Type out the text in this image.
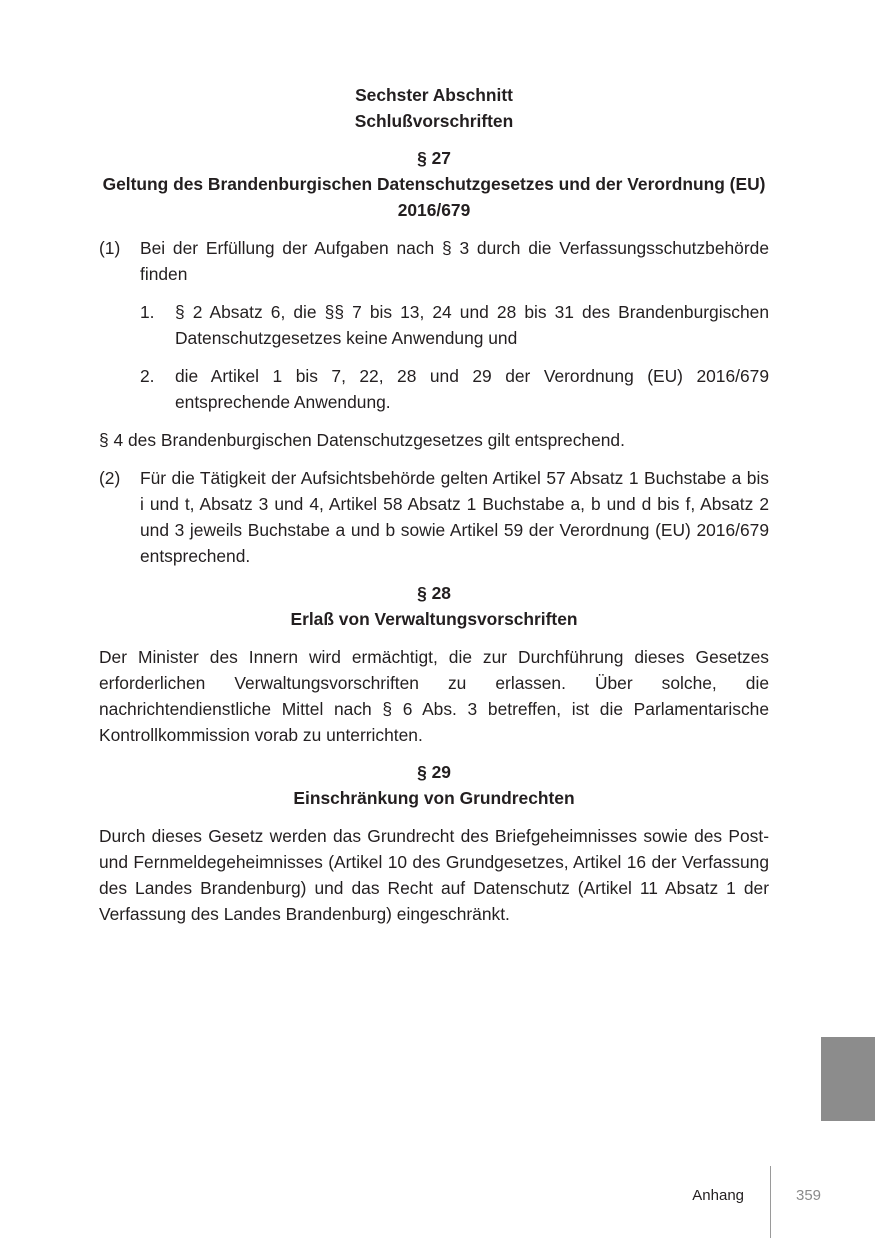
Sechster Abschnitt
Schlußvorschriften
§ 27
Geltung des Brandenburgischen Datenschutzgesetzes und der Verordnung (EU) 2016/679
(1) Bei der Erfüllung der Aufgaben nach § 3 durch die Verfassungsschutzbehörde finden

1. § 2 Absatz 6, die §§ 7 bis 13, 24 und 28 bis 31 des Brandenburgischen Datenschutzgesetzes keine Anwendung und

2. die Artikel 1 bis 7, 22, 28 und 29 der Verordnung (EU) 2016/679 entsprechende Anwendung.

§ 4 des Brandenburgischen Datenschutzgesetzes gilt entsprechend.

(2) Für die Tätigkeit der Aufsichtsbehörde gelten Artikel 57 Absatz 1 Buchstabe a bis i und t, Absatz 3 und 4, Artikel 58 Absatz 1 Buchstabe a, b und d bis f, Absatz 2 und 3 jeweils Buchstabe a und b sowie Artikel 59 der Verordnung (EU) 2016/679 entsprechend.

§ 28
Erlaß von Verwaltungsvorschriften

Der Minister des Innern wird ermächtigt, die zur Durchführung dieses Gesetzes erforderlichen Verwaltungsvorschriften zu erlassen. Über solche, die nachrichtendienstliche Mittel nach § 6 Abs. 3 betreffen, ist die Parlamentarische Kontrollkommission vorab zu unterrichten.

§ 29
Einschränkung von Grundrechten

Durch dieses Gesetz werden das Grundrecht des Briefgeheimnisses sowie des Post- und Fernmeldegeheimnisses (Artikel 10 des Grundgesetzes, Artikel 16 der Verfassung des Landes Brandenburg) und das Recht auf Datenschutz (Artikel 11 Absatz 1 der Verfassung des Landes Brandenburg) eingeschränkt.

Anhang	359
